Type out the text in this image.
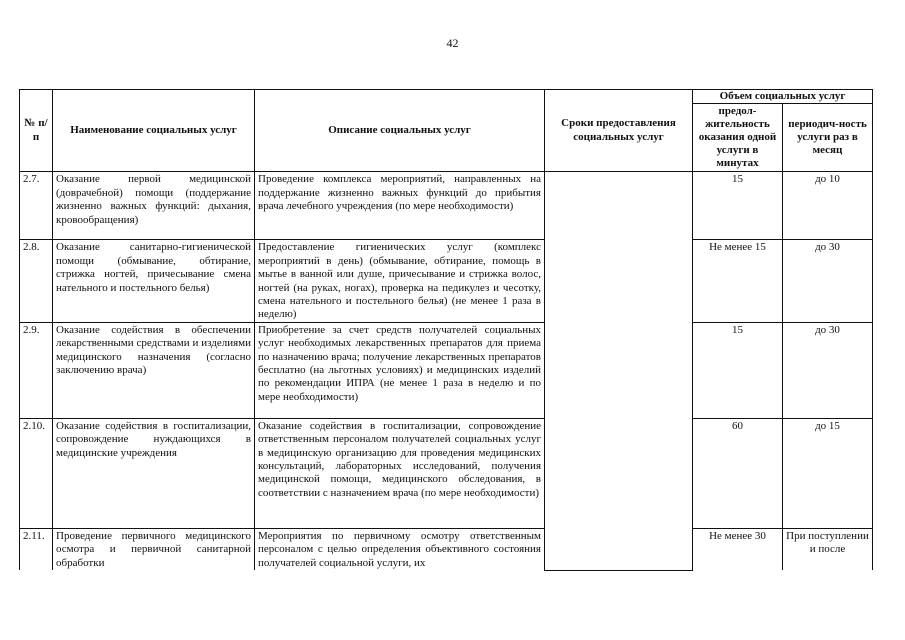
42
№ п/п	Наименование социальных услуг	Описание социальных услуг	Сроки предоставления социальных услуг	Объем социальных услуг	
				предол-жительность оказания одной услуги в минутах	периодич-ность услуги раз в месяц
2.7.	Оказание первой медицинской (доврачебной) помощи (поддержание жизненно важных функций: дыхания, кровообращения)	Проведение комплекса мероприятий, направленных на поддержание жизненно важных функций до прибытия врача лечебного учреждения (по мере необходимости)		15	до 10
2.8.	Оказание санитарно-гигиенической помощи (обмывание, обтирание, стрижка ногтей, причесывание смена нательного и постельного белья)	Предоставление гигиенических услуг (комплекс мероприятий в день) (обмывание, обтирание, помощь в мытье в ванной или душе, причесывание и стрижка волос, ногтей (на руках, ногах), проверка на педикулез и чесотку, смена нательного и постельного белья) (не менее 1 раза в неделю)		Не менее 15	до 30
2.9.	Оказание содействия в обеспечении лекарственными средствами и изделиями медицинского назначения (согласно заключению врача)	Приобретение за счет средств получателей социальных услуг необходимых лекарственных препаратов для приема по назначению врача; получение лекарственных препаратов бесплатно (на льготных условиях) и медицинских изделий по рекомендации ИПРА (не менее 1 раза в неделю и по мере необходимости)		15	до 30
2.10.	Оказание содействия в госпитализации, сопровождение нуждающихся в медицинские учреждения	Оказание содействия в госпитализации, сопровождение ответственным персоналом получателей социальных услуг в медицинскую организацию для проведения медицинских консультаций, лабораторных исследований, получения медицинской помощи, медицинского обследования, в соответствии с назначением врача (по мере необходимости)		60	до 15
2.11.	Проведение первичного медицинского осмотра и первичной санитарной обработки	Мероприятия по первичному осмотру ответственным персоналом с целью определения объективного состояния получателей социальной услуги, их		Не менее 30	При поступлении и после
